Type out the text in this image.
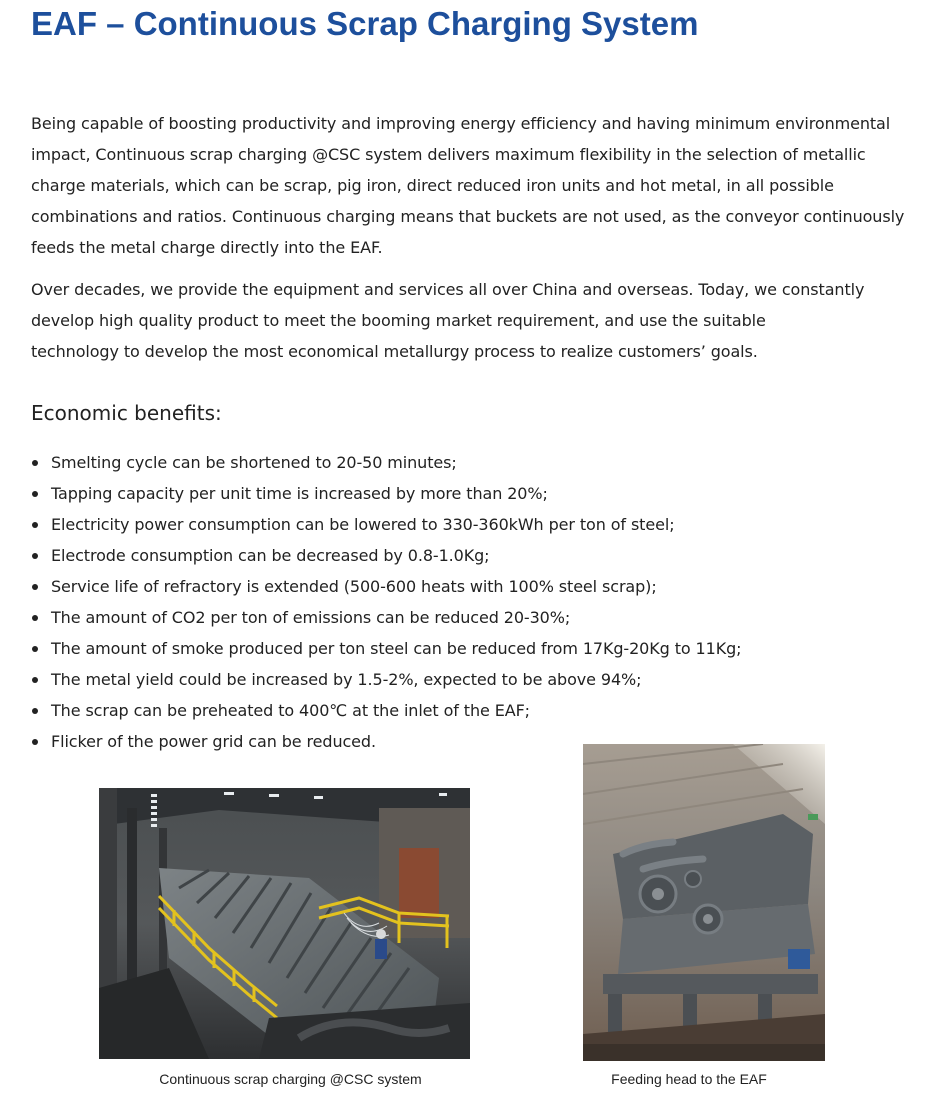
EAF – Continuous Scrap Charging System

Being capable of boosting productivity and improving energy efficiency and having minimum environmental
impact, Continuous scrap charging @CSC system delivers maximum flexibility in the selection of metallic
charge materials, which can be scrap, pig iron, direct reduced iron units and hot metal, in all possible
combinations and ratios. Continuous charging means that buckets are not used, as the conveyor continuously
feeds the metal charge directly into the EAF.

Over decades, we provide the equipment and services all over China and overseas. Today, we constantly
develop high quality product to meet the booming market requirement, and use the suitable
technology to develop the most economical metallurgy process to realize customers’ goals.

Economic benefits:
Smelting cycle can be shortened to 20-50 minutes;
Tapping capacity per unit time is increased by more than 20%;
Electricity power consumption can be lowered to 330-360kWh per ton of steel;
Electrode consumption can be decreased by 0.8-1.0Kg;
Service life of refractory is extended (500-600 heats with 100% steel scrap);
The amount of CO2 per ton of emissions can be reduced 20-30%;
The amount of smoke produced per ton steel can be reduced from 17Kg-20Kg to 11Kg;
The metal yield could be increased by 1.5-2%, expected to be above 94%;
The scrap can be preheated to 400℃ at the inlet of the EAF;
Flicker of the power grid can be reduced.
Continuous scrap charging @CSC system	Feeding head to the EAF
